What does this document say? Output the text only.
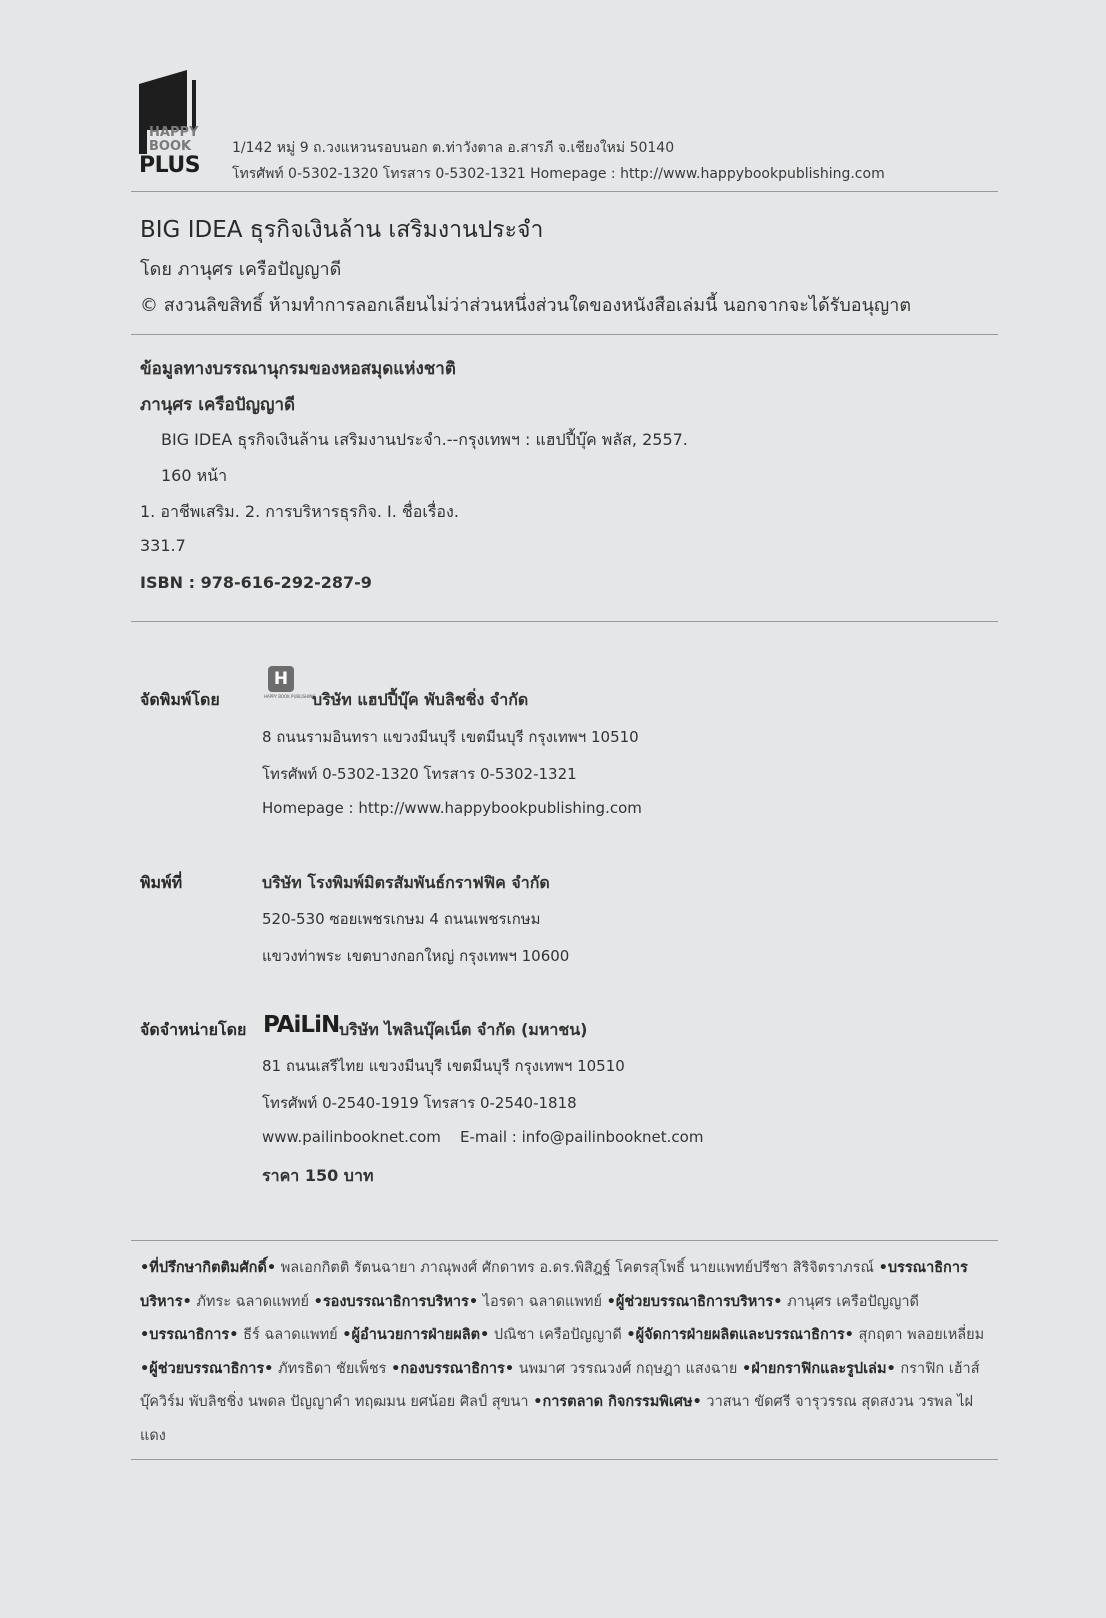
HAPPY
BOOK
PLUS
1/142 หมู่ 9 ถ.วงแหวนรอบนอก ต.ท่าวังตาล อ.สารภี จ.เชียงใหม่ 50140
โทรศัพท์ 0-5302-1320 โทรสาร 0-5302-1321 Homepage : http://www.happybookpublishing.com
BIG IDEA ธุรกิจเงินล้าน เสริมงานประจำ
โดย ภานุศร เครือปัญญาดี
© สงวนลิขสิทธิ์ ห้ามทำการลอกเลียนไม่ว่าส่วนหนึ่งส่วนใดของหนังสือเล่มนี้ นอกจากจะได้รับอนุญาต
ข้อมูลทางบรรณานุกรมของหอสมุดแห่งชาติ
ภานุศร เครือปัญญาดี
BIG IDEA ธุรกิจเงินล้าน เสริมงานประจำ.--กรุงเทพฯ : แฮปปี้บุ๊ค พลัส, 2557.
160 หน้า
1. อาชีพเสริม. 2. การบริหารธุรกิจ. I. ชื่อเรื่อง.
331.7
ISBN : 978-616-292-287-9
จัดพิมพ์โดย
H
HAPPY BOOK PUBLISHING
บริษัท แฮปปี้บุ๊ค พับลิชชิ่ง จำกัด
8 ถนนรามอินทรา แขวงมีนบุรี เขตมีนบุรี กรุงเทพฯ 10510
โทรศัพท์ 0-5302-1320 โทรสาร 0-5302-1321
Homepage : http://www.happybookpublishing.com
พิมพ์ที่	บริษัท โรงพิมพ์มิตรสัมพันธ์กราฟฟิค จำกัด
520-530 ซอยเพชรเกษม 4 ถนนเพชรเกษม
แขวงท่าพระ เขตบางกอกใหญ่ กรุงเทพฯ 10600
จัดจำหน่ายโดย PAiLiN บริษัท ไพลินบุ๊คเน็ต จำกัด (มหาชน)
81 ถนนเสรีไทย แขวงมีนบุรี เขตมีนบุรี กรุงเทพฯ 10510
โทรศัพท์ 0-2540-1919 โทรสาร 0-2540-1818
www.pailinbooknet.com    E-mail : info@pailinbooknet.com
ราคา 150 บาท
•ที่ปรึกษากิตติมศักดิ์• พลเอกกิตติ รัตนฉายา ภาณุพงศ์ ศักดาทร อ.ดร.พิสิฎฐ์ โคตรสุโพธิ์ นายแพทย์ปรีชา สิริจิตราภรณ์ •บรรณาธิการบริหาร• ภัทระ ฉลาดแพทย์ •รองบรรณาธิการบริหาร• ไอรดา ฉลาดแพทย์ •ผู้ช่วยบรรณาธิการบริหาร• ภานุศร เครือปัญญาดี •บรรณาธิการ• ธีร์ ฉลาดแพทย์ •ผู้อำนวยการฝ่ายผลิต• ปณิชา เครือปัญญาดี •ผู้จัดการฝ่ายผลิตและบรรณาธิการ• สุกฤตา พลอยเหลี่ยม •ผู้ช่วยบรรณาธิการ• ภัทรธิดา ชัยเพ็ชร •กองบรรณาธิการ• นพมาศ วรรณวงศ์ กฤษฎา แสงฉาย •ฝ่ายกราฟิกและรูปเล่ม• กราฟิก เฮ้าส์ บุ๊ควิร์ม พับลิชชิ่ง นพดล ปัญญาคำ ทฤฒมน ยศน้อย ศิลป์ สุขนา •การตลาด กิจกรรมพิเศษ• วาสนา ขัดศรี จารุวรรณ สุดสงวน วรพล ไฝแดง
